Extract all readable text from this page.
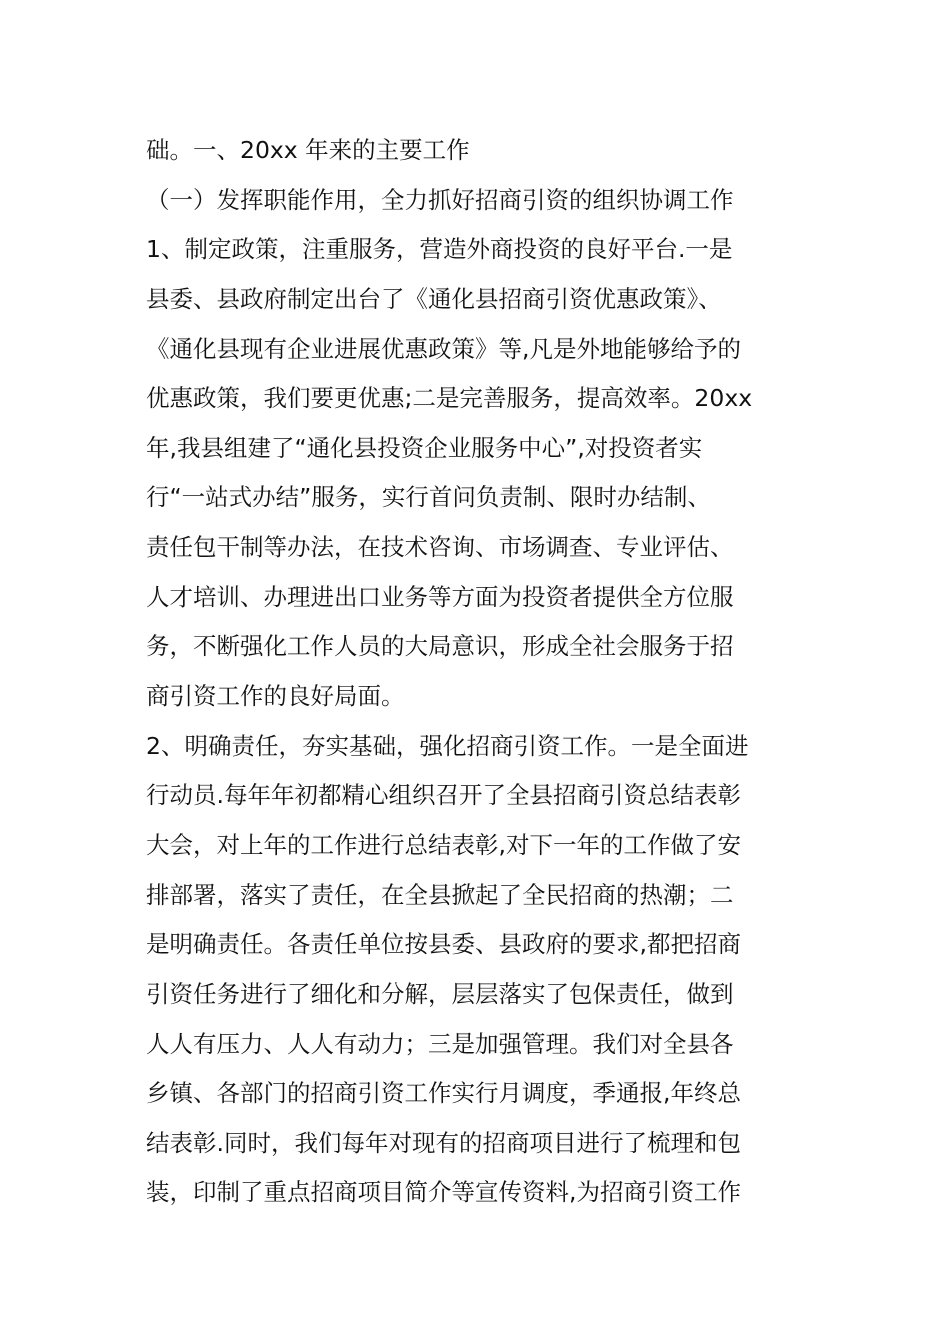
础。一、20xx 年来的主要工作
（一）发挥职能作用，全力抓好招商引资的组织协调工作
1、制定政策，注重服务，营造外商投资的良好平台.一是
县委、县政府制定出台了《通化县招商引资优惠政策》、
《通化县现有企业进展优惠政策》等,凡是外地能够给予的
优惠政策，我们要更优惠;二是完善服务，提高效率。20xx
年,我县组建了“通化县投资企业服务中心”,对投资者实
行“一站式办结”服务，实行首问负责制、限时办结制、
责任包干制等办法，在技术咨询、市场调查、专业评估、
人才培训、办理进出口业务等方面为投资者提供全方位服
务，不断强化工作人员的大局意识，形成全社会服务于招
商引资工作的良好局面。
2、明确责任，夯实基础，强化招商引资工作。一是全面进
行动员.每年年初都精心组织召开了全县招商引资总结表彰
大会，对上年的工作进行总结表彰,对下一年的工作做了安
排部署，落实了责任，在全县掀起了全民招商的热潮；二
是明确责任。各责任单位按县委、县政府的要求,都把招商
引资任务进行了细化和分解，层层落实了包保责任，做到
人人有压力、人人有动力；三是加强管理。我们对全县各
乡镇、各部门的招商引资工作实行月调度，季通报,年终总
结表彰.同时，我们每年对现有的招商项目进行了梳理和包
装，印制了重点招商项目简介等宣传资料,为招商引资工作
